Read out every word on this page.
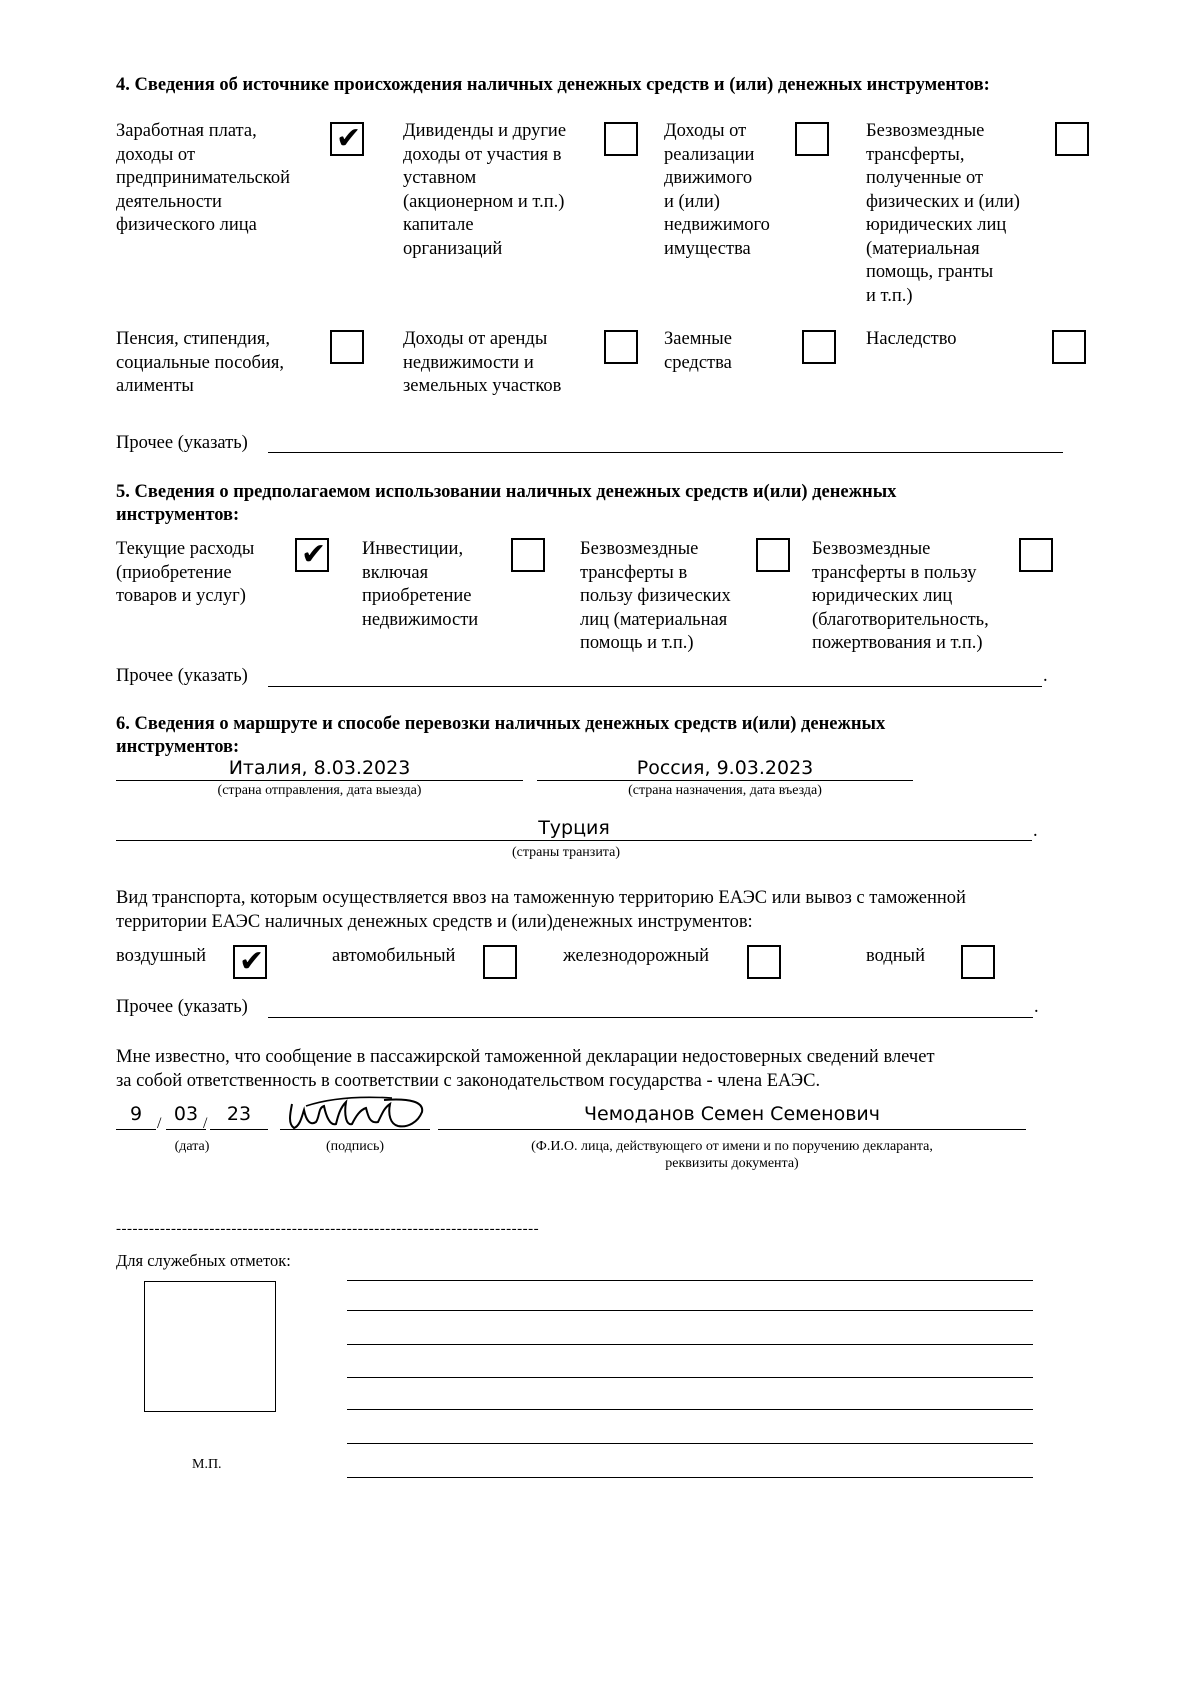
4. Сведения об источнике происхождения наличных денежных средств и (или) денежных инструментов:
Заработная плата,
доходы от
предпринимательской
деятельности
физического лица
✔ Дивиденды и другие
доходы от участия в
уставном
(акционерном и т.п.)
капитале
организаций
Доходы от
реализации
движимого
и (или)
недвижимого
имущества
Безвозмездные
трансферты,
полученные от
физических и (или)
юридических лиц
(материальная
помощь, гранты
и т.п.)
Пенсия, стипендия,
социальные пособия,
алименты
Доходы от аренды
недвижимости и
земельных участков
Заемные
средства
Наследство
Прочее (указать)
5. Сведения о предполагаемом использовании наличных денежных средств и(или) денежных
инструментов:
Текущие расходы
(приобретение
товаров и услуг)
✔ Инвестиции,
включая
приобретение
недвижимости
Безвозмездные
трансферты в
пользу физических
лиц (материальная
помощь и т.п.)
Безвозмездные
трансферты в пользу
юридических лиц
(благотворительность,
пожертвования и т.п.)
Прочее (указать)	.
6. Сведения о маршруте и способе перевозки наличных денежных средств и(или) денежных
инструментов:
Италия, 8.03.2023
(страна отправления, дата выезда)
Россия, 9.03.2023
(страна назначения, дата въезда)
Турция	.
(страны транзита)
Вид транспорта, которым осуществляется ввоз на таможенную территорию ЕАЭС или вывоз с таможенной
территории ЕАЭС наличных денежных средств и (или)денежных инструментов:
воздушный ✔	автомобильный	железнодорожный	водный
Прочее (указать)	.
Мне известно, что сообщение в пассажирской таможенной декларации недостоверных сведений влечет
за собой ответственность в соответствии с законодательством государства - члена ЕАЭС.
9 / 03 /	23
(дата)	(подпись)
Чемоданов Семен Семенович
(Ф.И.О. лица, действующего от имени и по поручению декларанта,
реквизиты документа)
-----------------------------------------------------------------------------
Для служебных отметок:
М.П.
